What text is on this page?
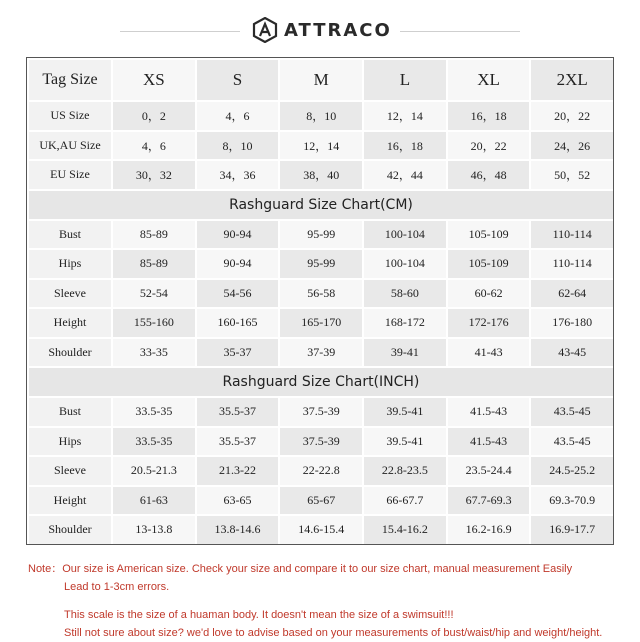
ATTRACO
Tag Size	XS	S	M	L	XL	2XL
US Size	0，2	4，6	8，10	12，14	16，18	20，22
UK,AU Size	4，6	8，10	12，14	16，18	20，22	24，26
EU Size	30，32	34，36	38，40	42，44	46，48	50，52
Rashguard Size Chart(CM)						
Bust	85-89	90-94	95-99	100-104	105-109	110-114
Hips	85-89	90-94	95-99	100-104	105-109	110-114
Sleeve	52-54	54-56	56-58	58-60	60-62	62-64
Height	155-160	160-165	165-170	168-172	172-176	176-180
Shoulder	33-35	35-37	37-39	39-41	41-43	43-45
Rashguard Size Chart(INCH)						
Bust	33.5-35	35.5-37	37.5-39	39.5-41	41.5-43	43.5-45
Hips	33.5-35	35.5-37	37.5-39	39.5-41	41.5-43	43.5-45
Sleeve	20.5-21.3	21.3-22	22-22.8	22.8-23.5	23.5-24.4	24.5-25.2
Height	61-63	63-65	65-67	66-67.7	67.7-69.3	69.3-70.9
Shoulder	13-13.8	13.8-14.6	14.6-15.4	15.4-16.2	16.2-16.9	16.9-17.7
Note： Our size is American size. Check your size and compare it to our size chart, manual measurement Easily
Lead to 1-3cm errors.
This scale is the size of a huaman body. It doesn't mean the size of a swimsuit!!!
Still not sure about size? we'd love to advise based on your measurements of bust/waist/hip and weight/height.
